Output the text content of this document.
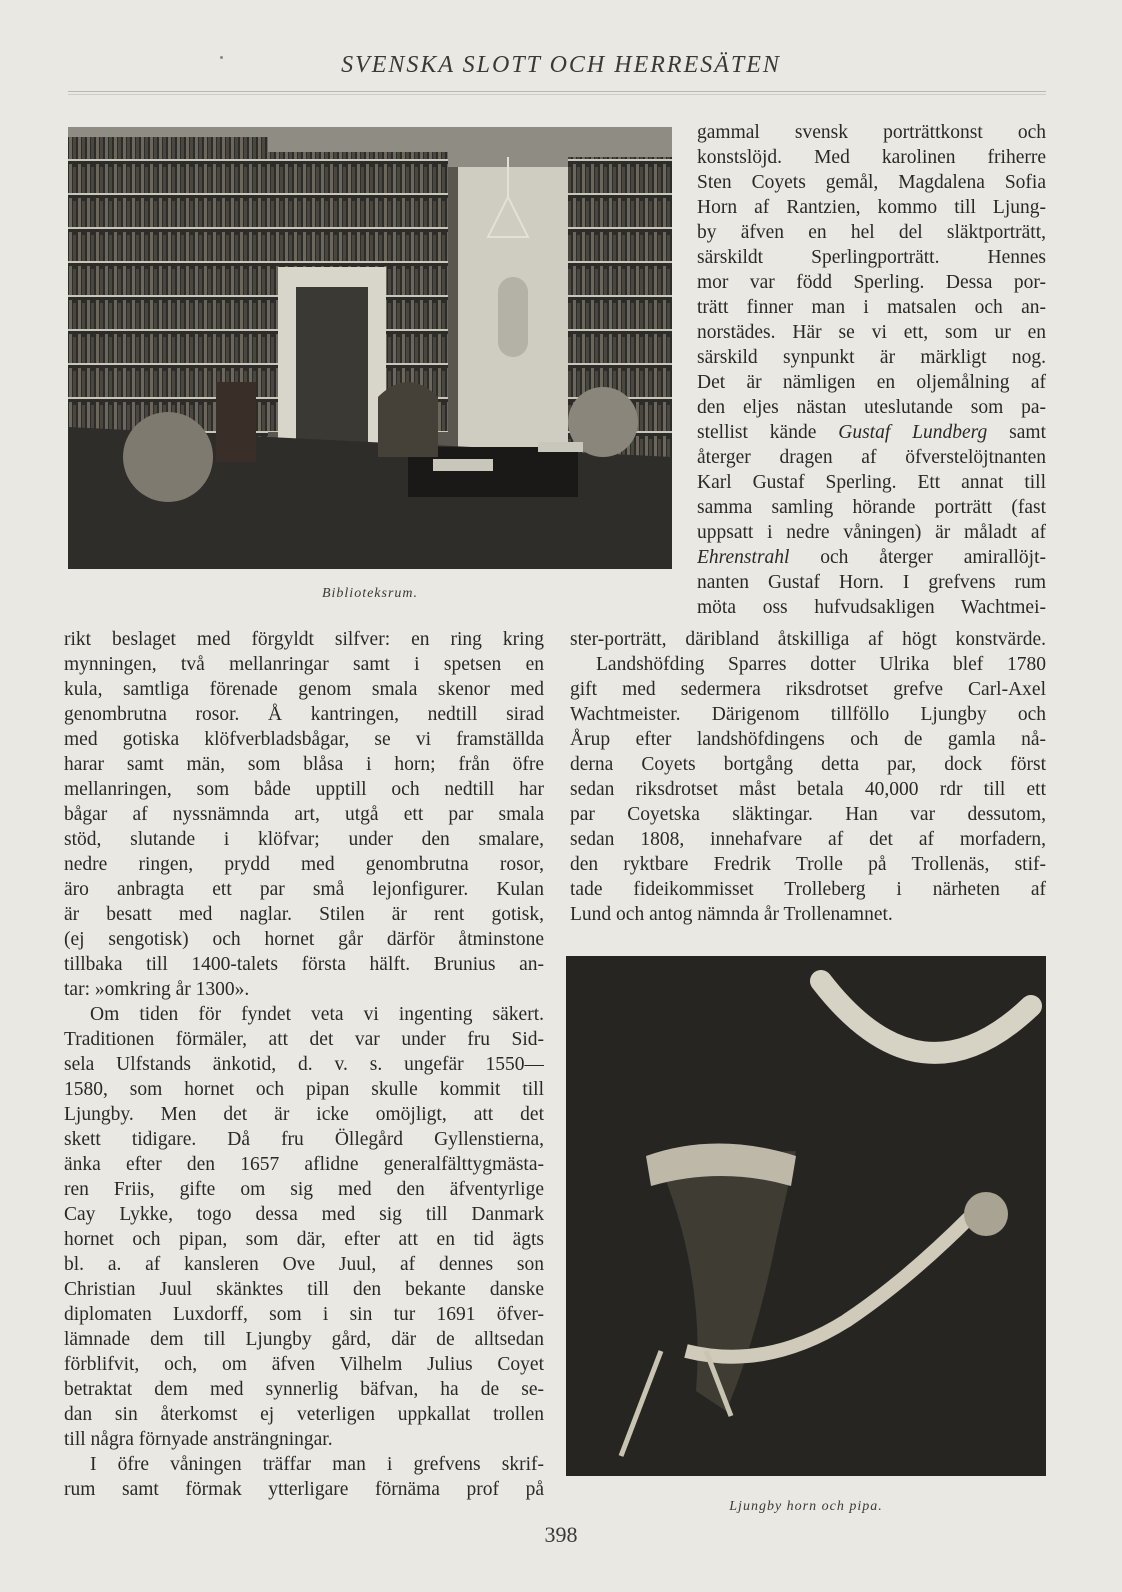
SVENSKA SLOTT OCH HERRESÄTEN
Biblioteksrum.
Ljungby horn och pipa.
gammal svensk porträttkonst och
konstslöjd. Med karolinen friherre
Sten Coyets gemål, Magdalena Sofia
Horn af Rantzien, kommo till Ljung-
by äfven en hel del släktporträtt,
särskildt Sperlingporträtt. Hennes
mor var född Sperling. Dessa por-
trätt finner man i matsalen och an-
norstädes. Här se vi ett, som ur en
särskild synpunkt är märkligt nog.
Det är nämligen en oljemålning af
den eljes nästan uteslutande som pa-
stellist kände Gustaf Lundberg samt
återger dragen af öfverstelöjtnanten
Karl Gustaf Sperling. Ett annat till
samma samling hörande porträtt (fast
uppsatt i nedre våningen) är måladt af
Ehrenstrahl och återger amirallöjt-
nanten Gustaf Horn. I grefvens rum
möta oss hufvudsakligen Wachtmei-
ster-porträtt, däribland åtskilliga af högt konstvärde.
Landshöfding Sparres dotter Ulrika blef 1780
gift med sedermera riksdrotset grefve Carl-Axel
Wachtmeister. Därigenom tillföllo Ljungby och
Årup efter landshöfdingens och de gamla nå-
derna Coyets bortgång detta par, dock först
sedan riksdrotset måst betala 40,000 rdr till ett
par Coyetska släktingar. Han var dessutom,
sedan 1808, innehafvare af det af morfadern,
den ryktbare Fredrik Trolle på Trollenäs, stif-
tade fideikommisset Trolleberg i närheten af
Lund och antog nämnda år Trollenamnet.
rikt beslaget med förgyldt silfver: en ring kring
mynningen, två mellanringar samt i spetsen en
kula, samtliga förenade genom smala skenor med
genombrutna rosor. Å kantringen, nedtill sirad
med gotiska klöfverbladsbågar, se vi framställda
harar samt män, som blåsa i horn; från öfre
mellanringen, som både upptill och nedtill har
bågar af nyssnämnda art, utgå ett par smala
stöd, slutande i klöfvar; under den smalare,
nedre ringen, prydd med genombrutna rosor,
äro anbragta ett par små lejonfigurer. Kulan
är besatt med naglar. Stilen är rent gotisk,
(ej sengotisk) och hornet går därför åtminstone
tillbaka till 1400-talets första hälft. Brunius an-
tar: »omkring år 1300».
Om tiden för fyndet veta vi ingenting säkert.
Traditionen förmäler, att det var under fru Sid-
sela Ulfstands änkotid, d. v. s. ungefär 1550—
1580, som hornet och pipan skulle kommit till
Ljungby. Men det är icke omöjligt, att det
skett tidigare. Då fru Öllegård Gyllenstierna,
änka efter den 1657 aflidne generalfälttygmästa-
ren Friis, gifte om sig med den äfventyrlige
Cay Lykke, togo dessa med sig till Danmark
hornet och pipan, som där, efter att en tid ägts
bl. a. af kansleren Ove Juul, af dennes son
Christian Juul skänktes till den bekante danske
diplomaten Luxdorff, som i sin tur 1691 öfver-
lämnade dem till Ljungby gård, där de alltsedan
förblifvit, och, om äfven Vilhelm Julius Coyet
betraktat dem med synnerlig bäfvan, ha de se-
dan sin återkomst ej veterligen uppkallat trollen
till några förnyade ansträngningar.
I öfre våningen träffar man i grefvens skrif-
rum samt förmak ytterligare förnäma prof på
398
